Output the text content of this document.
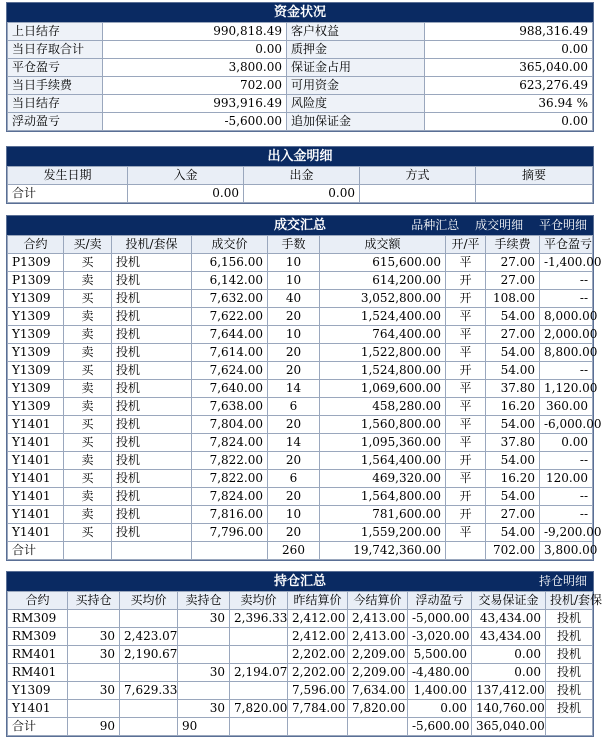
资金状况
上日结存	990,818.49	客户权益	988,316.49
当日存取合计	0.00	质押金	0.00
平仓盈亏	3,800.00	保证金占用	365,040.00
当日手续费	702.00	可用资金	623,276.49
当日结存	993,916.49	风险度	36.94 %
浮动盈亏	-5,600.00	追加保证金	0.00
出入金明细
发生日期	入金	出金	方式	摘要
合计	0.00	0.00		
成交汇总	品种汇总 成交明细 平仓明细
合约	买/卖	投机/套保	成交价	手数	成交额	开/平	手续费	平仓盈亏
P1309	买	投机	6,156.00	10	615,600.00	平	27.00	-1,400.00
P1309	卖	投机	6,142.00	10	614,200.00	开	27.00	--
Y1309	买	投机	7,632.00	40	3,052,800.00	开	108.00	--
Y1309	卖	投机	7,622.00	20	1,524,400.00	平	54.00	8,000.00
Y1309	卖	投机	7,644.00	10	764,400.00	平	27.00	2,000.00
Y1309	卖	投机	7,614.00	20	1,522,800.00	平	54.00	8,800.00
Y1309	买	投机	7,624.00	20	1,524,800.00	开	54.00	--
Y1309	卖	投机	7,640.00	14	1,069,600.00	平	37.80	1,120.00
Y1309	卖	投机	7,638.00	6	458,280.00	平	16.20	360.00
Y1401	买	投机	7,804.00	20	1,560,800.00	平	54.00	-6,000.00
Y1401	买	投机	7,824.00	14	1,095,360.00	平	37.80	0.00
Y1401	卖	投机	7,822.00	20	1,564,400.00	开	54.00	--
Y1401	买	投机	7,822.00	6	469,320.00	平	16.20	120.00
Y1401	卖	投机	7,824.00	20	1,564,800.00	开	54.00	--
Y1401	卖	投机	7,816.00	10	781,600.00	开	27.00	--
Y1401	买	投机	7,796.00	20	1,559,200.00	平	54.00	-9,200.00
合计				260	19,742,360.00		702.00	3,800.00
持仓汇总	持仓明细
合约	买持仓	买均价	卖持仓	卖均价	昨结算价	今结算价	浮动盈亏	交易保证金	投机/套保
RM309			30	2,396.33	2,412.00	2,413.00	-5,000.00	43,434.00	投机
RM309	30	2,423.07			2,412.00	2,413.00	-3,020.00	43,434.00	投机
RM401	30	2,190.67			2,202.00	2,209.00	5,500.00	0.00	投机
RM401			30	2,194.07	2,202.00	2,209.00	-4,480.00	0.00	投机
Y1309	30	7,629.33			7,596.00	7,634.00	1,400.00	137,412.00	投机
Y1401			30	7,820.00	7,784.00	7,820.00	0.00	140,760.00	投机
合计	90		90				-5,600.00	365,040.00	
